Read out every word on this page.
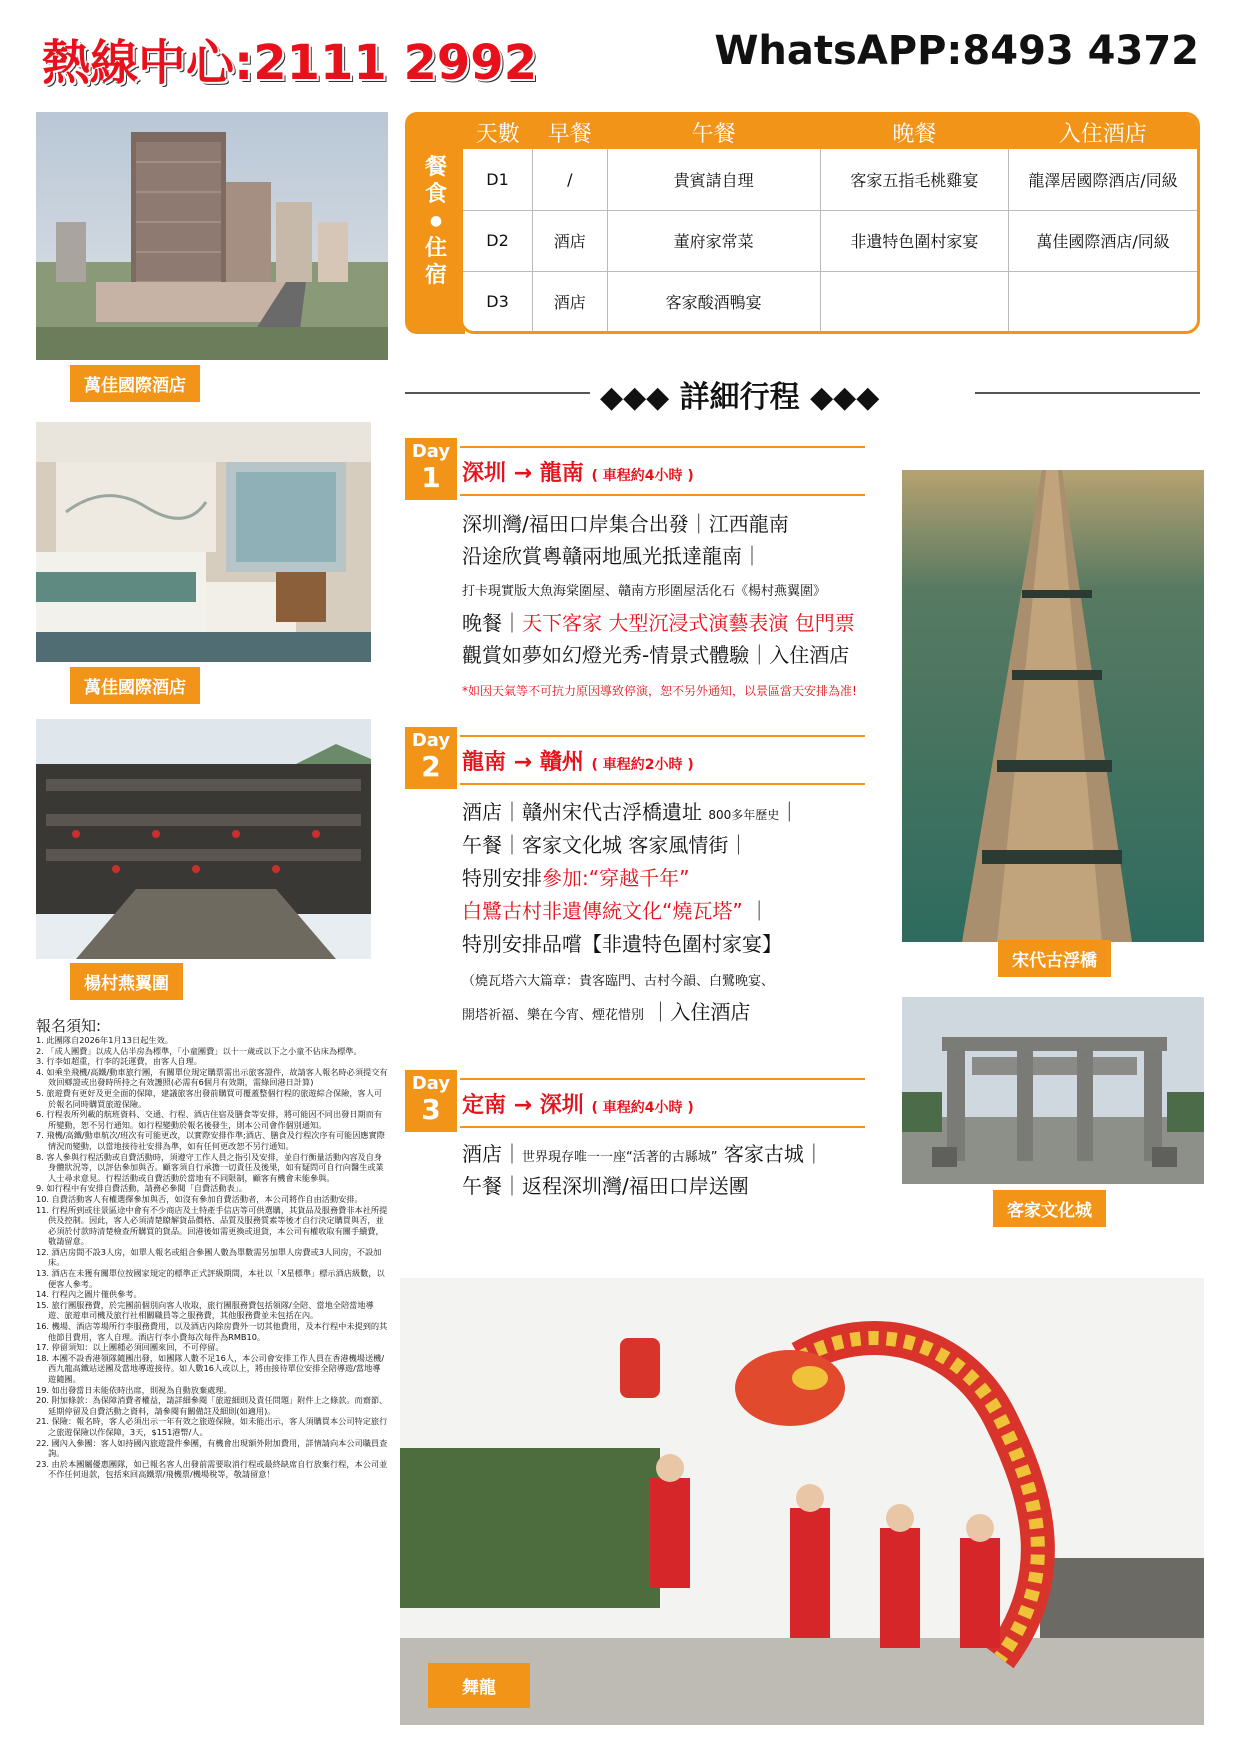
熱線中心:2111 2992	WhatsAPP:8493 4372
萬佳國際酒店
萬佳國際酒店
楊村燕翼圍
餐
食
●
住
宿
天數	早餐	午餐	晚餐	入住酒店
D1	/	貴賓請自理	客家五指毛桃雞宴	龍澤居國際酒店/同級
D2	酒店	董府家常菜	非遺特色圍村家宴	萬佳國際酒店/同級
D3	酒店	客家酸酒鴨宴		
◆◆◆ 詳細行程 ◆◆◆
Day
1 深圳 → 龍南 ( 車程約4小時 )
深圳灣/福田口岸集合出發｜江西龍南
沿途欣賞粵贛兩地風光抵達龍南｜
打卡現實版大魚海棠圍屋、贛南方形圍屋活化石《楊村燕翼圍》
晚餐｜天下客家 大型沉浸式演藝表演 包門票
觀賞如夢如幻燈光秀-情景式體驗｜入住酒店
*如因天氣等不可抗力原因導致停演，恕不另外通知，以景區當天安排為准!
Day
2 龍南 → 贛州 ( 車程約2小時 )
酒店｜贛州宋代古浮橋遺址 800多年歷史｜
午餐｜客家文化城 客家風情街｜
特別安排參加:“穿越千年”
白鷺古村非遺傳統文化“燒瓦塔” ｜
特別安排品嚐【非遺特色圍村家宴】
（燒瓦塔六大篇章：貴客臨門、古村今韻、白鷺晚宴、
開塔祈福、樂在今宵、煙花惜別 ｜入住酒店
Day
3 定南 → 深圳 ( 車程約4小時 )
酒店｜世界現存唯一一座“活著的古縣城” 客家古城｜
午餐｜返程深圳灣/福田口岸送團
宋代古浮橋
客家文化城
舞龍
報名須知:
1. 此團隊自2026年1月13日起生效。
2. 「成人團費」以成人佔半房為標準，「小童團費」以十一歲或以下之小童不佔床為標準。
3. 行李如超重，行李的託運費，由客人自理。
4. 如乘坐飛機/高鐵/動車旅行團，有關單位規定購票需出示旅客證件，故請客人報名時必須提交有效回鄉證或出發時所持之有效護照(必需有6個月有效期，需綠回港日計算)
5. 旅遊費有更好及更全面的保障，建議旅客出發前購買可覆蓋整個行程的旅遊綜合保險，客人可於報名同時購買旅遊保險。
6. 行程表所列載的航班資料、交通、行程、酒店住宿及膳食等安排，將可能因不同出發日期而有所變動，恕不另行通知。如行程變動於報名後發生，則本公司會作個別通知。
7. 飛機/高鐵/動車航次/班次有可能更改，以實際安排作準;酒店、膳食及行程次序有可能因應實際情況而變動，以當地接待社安排為準，如有任何更改恕不另行通知。
8. 客人參與行程活動或自費活動時，須遵守工作人員之指引及安排，並自行衡量活動內容及自身身體狀況等，以評估參加與否。顧客須自行承擔一切責任及後果，如有疑問可自行向醫生或業人士尋求意見。行程活動或自費活動於當地有不同限制，顧客有機會未能參與。
9. 如行程中有安排自費活動，請務必參閱「自費活動表」。
10. 自費活動客人有權選擇參加與否，如沒有參加自費活動者，本公司將作自由活動安排。
11. 行程所到或往景區途中會有不少商店及土特產手信店等可供選購，其貨品及服務費非本社所提供及控制。因此，客人必須清楚瞭解貨品價格、品質及服務質素等後才自行決定購買與否，並必須於付款時清楚檢查所購買的貨品。回港後如需更換或退貨，本公司有權收取有關手續費，敬請留意。
12. 酒店房間不設3人房，如單人報名或組合參團人數為單數需另加單人房費或3人同房，不設加床。
13. 酒店在未獲有關單位按國家規定的標準正式評級期間，本社以「X星標準」標示酒店級數，以便客人參考。
14. 行程內之圖片僅供參考。
15. 旅行團服務費，於完團前個別向客人收取，旅行團服務費包括領隊/全陪、當地全陪當地導遊、旅遊車司機及旅行社相關職員等之服務費，其他服務費並未包括在內。
16. 機場、酒店等場所行李服務費用，以及酒店內除房費外一切其他費用，及本行程中未提到的其他節目費用，客人自理。酒店行李小費每次每件為RMB10。
17. 停留須知：以上團種必須回團來回，不可停留。
18. 本團不設香港領隊隨團出發，如團隊人數不足16人，本公司會安排工作人員在香港機場送機/西九龍高鐵站送團及當地導遊接待。如人數16人或以上，將由接待單位安排全陪導遊/當地導遊隨團。
19. 如出發當日未能依時出席，則視為自動放棄處理。
20. 附加條款：為保障消費者權益，請詳細參閱「旅遊細則及責任問題」附件上之條款。而齋節、延期停留及自費活動之資料，請參閱有關備註及細則(如適用)。
21. 保險：報名時，客人必須出示一年有效之旅遊保險，如未能出示，客人須購買本公司特定旅行之旅遊保險以作保障，3天，$151港幣/人。
22. 國內入參團：客人如持國內旅遊證件參團，有機會出現額外附加費用，詳情請向本公司職員查詢。
23. 由於本團屬優惠團隊，如已報名客人出發前需要取消行程或最終缺席自行放棄行程，本公司並不作任何退款，包括來回高鐵票/飛機票/機場稅等，敬請留意！
